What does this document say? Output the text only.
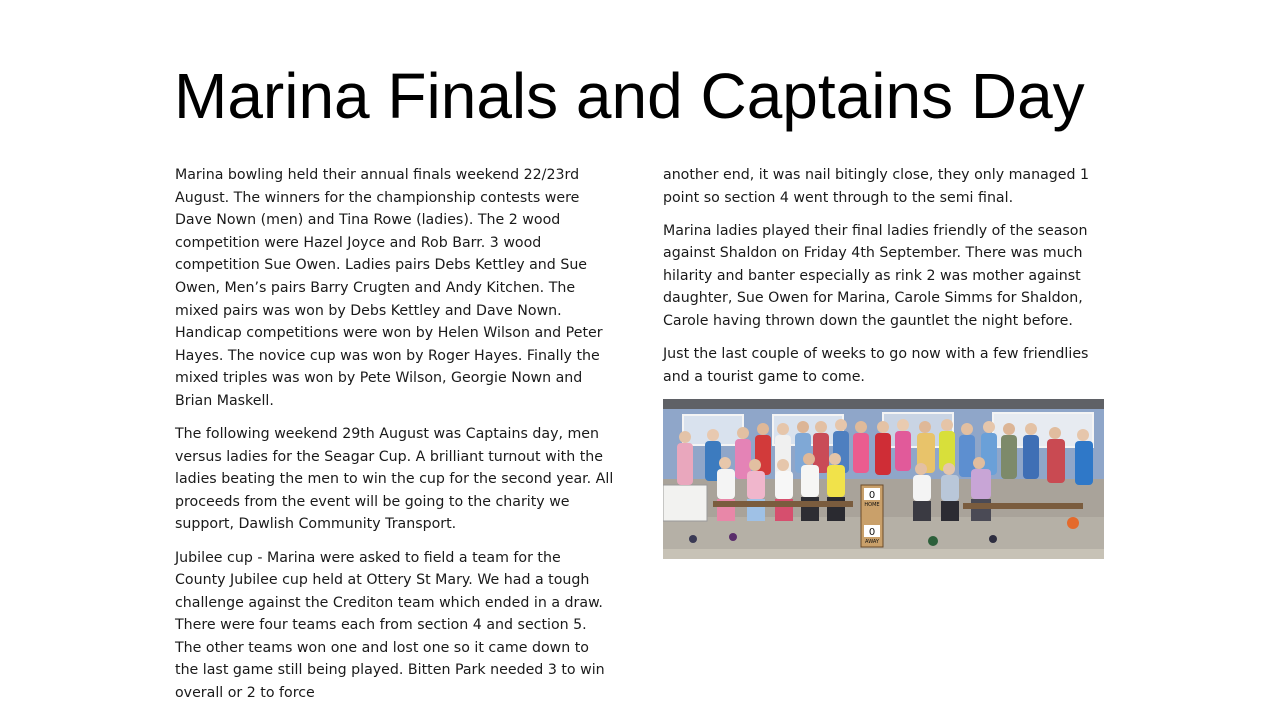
Marina Finals and Captains Day

Marina bowling held their annual finals weekend 22/23rd August. The winners for the championship contests were Dave Nown (men) and Tina Rowe (ladies). The 2 wood competition were Hazel Joyce and Rob Barr. 3 wood competition Sue Owen. Ladies pairs Debs Kettley and Sue Owen, Men’s pairs Barry Crugten and Andy Kitchen. The mixed pairs was won by Debs Kettley and Dave Nown. Handicap competitions were won by Helen Wilson and Peter Hayes. The novice cup was won by Roger Hayes. Finally the mixed triples was won by Pete Wilson, Georgie Nown and Brian Maskell.

The following weekend 29th August was Captains day, men versus ladies for the Seagar Cup. A brilliant turnout with the ladies beating the men to win the cup for the second year. All proceeds from the event will be going to the charity we support, Dawlish Community Transport.

Jubilee cup - Marina were asked to field a team for the County Jubilee cup held at Ottery St Mary. We had a tough challenge against the Crediton team which ended in a draw. There were four teams each from section 4 and section 5. The other teams won one and lost one so it came down to the last game still being played. Bitten Park needed 3 to win overall or 2 to force

another end, it was nail bitingly close, they only managed 1 point so section 4 went through to the semi final.

Marina ladies played their final ladies friendly of the season against Shaldon on Friday 4th September. There was much hilarity and banter especially as rink 2 was mother against daughter, Sue Owen for Marina, Carole Simms for Shaldon, Carole having thrown down the gauntlet the night before.

Just the last couple of weeks to go now with a few friendlies and a tourist game to come.

0
HOME
0
AWAY
